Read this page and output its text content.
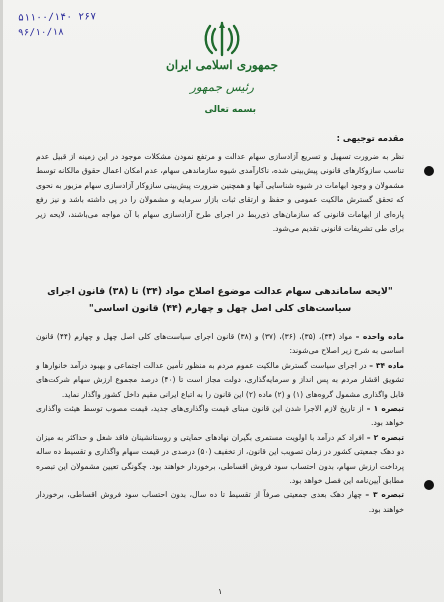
۵۱۱۰۰/۱۴۰ ۲۶۷
۹۶/۱۰/۱۸
جمهوری اسلامی ایران
رئیس جمهور
بسمه تعالی
مقدمه توجیهی :
نظر به ضرورت تسهیل و تسریع آزادسازی سهام عدالت و مرتفع نمودن مشکلات موجود در این زمینه از قبیل عدم تناسب سازوکارهای قانونی پیش‌بینی شده، ناکارآمدی شیوه سازماندهی سهام، عدم امکان اعمال حقوق مالکانه توسط مشمولان و وجود ابهامات در شیوه شناسایی آنها و همچنین ضرورت پیش‌بینی سازوکار آزادسازی سهام مزبور به نحوی که تحقق گسترش مالکیت عمومی و حفظ و ارتقای ثبات بازار سرمایه و مشمولان را در پی داشته باشد و نیز رفع پاره‌ای از ابهامات قانونی که سازمان‌های ذی‌ربط در اجرای طرح آزادسازی سهام با آن مواجه می‌باشند، لایحه زیر برای طی تشریفات قانونی تقدیم می‌شود.
"لایحه ساماندهی سهام عدالت موضوع اصلاح مواد (۳۴) تا (۳۸) قانون اجرای سیاست‌های کلی اصل چهل و چهارم (۴۴) قانون اساسی"
ماده واحده – مواد (۳۴)، (۳۵)، (۳۶)، (۳۷) و (۳۸) قانون اجرای سیاست‌های کلی اصل چهل و چهارم (۴۴) قانون اساسی به شرح زیر اصلاح می‌شوند:
ماده ۳۴ – در اجرای سیاست گسترش مالکیت عموم مردم به منظور تأمین عدالت اجتماعی و بهبود درآمد خانوارها و تشویق اقشار مردم به پس انداز و سرمایه‌گذاری، دولت مجاز است تا (۴۰) درصد مجموع ارزش سهام شرکت‌های قابل واگذاری مشمول گروه‌های (۱) و (۲) ماده (۲) این قانون را به اتباع ایرانی مقیم داخل کشور واگذار نماید.
تبصره ۱ – از تاریخ لازم الاجرا شدن این قانون مبنای قیمت واگذاری‌های جدید، قیمت مصوب توسط هیئت واگذاری خواهد بود.
تبصره ۲ – افراد کم درآمد با اولویت مستمری بگیران نهادهای حمایتی و روستانشینان فاقد شغل و حداکثر به میزان دو دهک جمعیتی کشور در زمان تصویب این قانون، از تخفیف (۵۰) درصدی در قیمت سهام واگذاری و تقسیط ده ساله پرداخت ارزش سهام، بدون احتساب سود فروش اقساطی، برخوردار خواهند بود. چگونگی تعیین مشمولان این تبصره مطابق آیین‌نامه این فصل خواهد بود.
تبصره ۳ – چهار دهک بعدی جمعیتی صرفاً از تقسیط تا ده سال، بدون احتساب سود فروش اقساطی، برخوردار خواهند بود.
۱
